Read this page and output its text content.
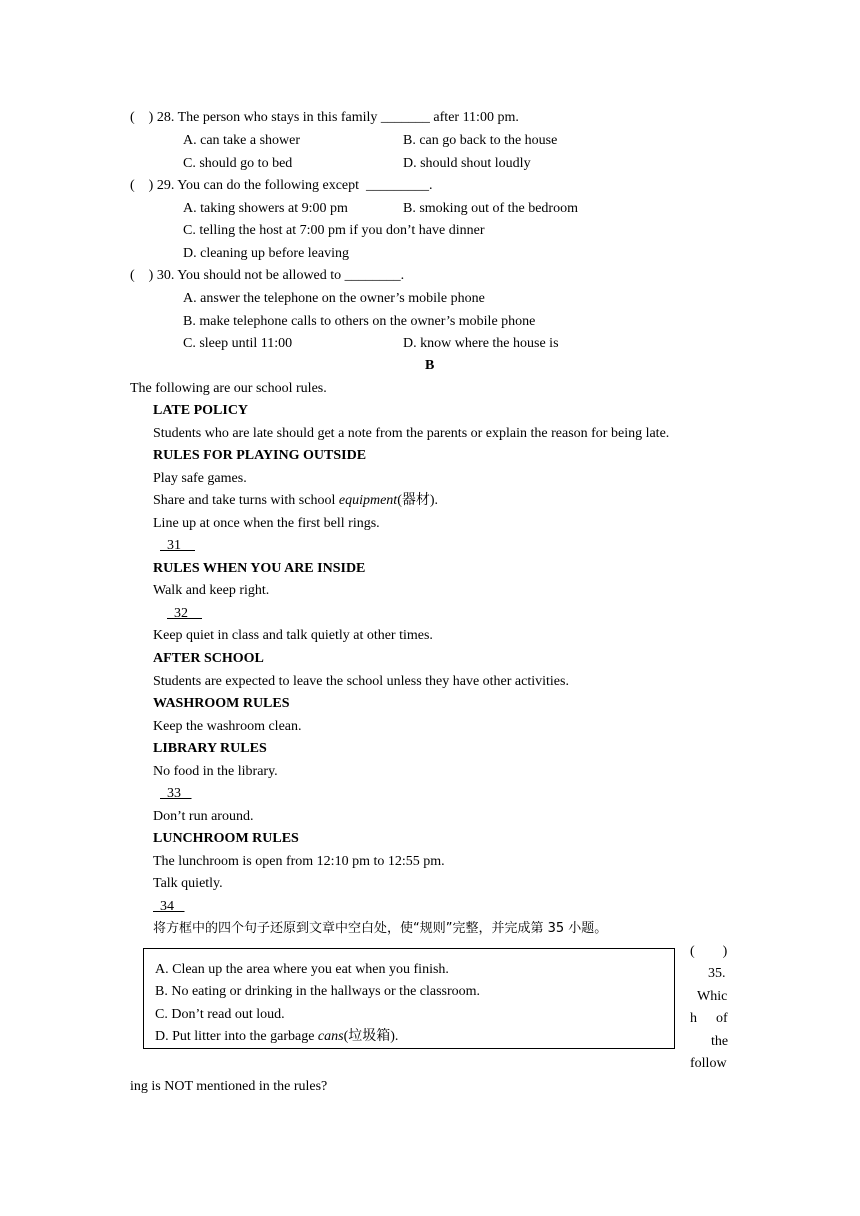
(    ) 28. The person who stays in this family _______ after 11:00 pm.
A. can take a shower	B. can go back to the house
C. should go to bed	D. should shout loudly
(    ) 29. You can do the following except  _________.
A. taking showers at 9:00 pm	B. smoking out of the bedroom
C. telling the host at 7:00 pm if you don’t have dinner
D. cleaning up before leaving
(    ) 30. You should not be allowed to ________.
A. answer the telephone on the owner’s mobile phone
B. make telephone calls to others on the owner’s mobile phone
C. sleep until 11:00	D. know where the house is
B
The following are our school rules.
LATE POLICY
Students who are late should get a note from the parents or explain the reason for being late.
RULES FOR PLAYING OUTSIDE
Play safe games.
Share and take turns with school equipment(器材).
Line up at once when the first bell rings.
31
RULES WHEN YOU ARE INSIDE
Walk and keep right.
32
Keep quiet in class and talk quietly at other times.
AFTER SCHOOL
Students are expected to leave the school unless they have other activities.
WASHROOM RULES
Keep the washroom clean.
LIBRARY RULES
No food in the library.
33
Don’t run around.
LUNCHROOM RULES
The lunchroom is open from 12:10 pm to 12:55 pm.
Talk quietly.
34
将方框中的四个句子还原到文章中空白处，使“规则”完整，并完成第 35 小题。
A. Clean up the area where you eat when you finish.
B. No eating or drinking in the hallways or the classroom.
C. Don’t read out loud.
D. Put litter into the garbage cans(垃圾箱).
(        )
35.
Whic
h of
the
follow
ing is NOT mentioned in the rules?
